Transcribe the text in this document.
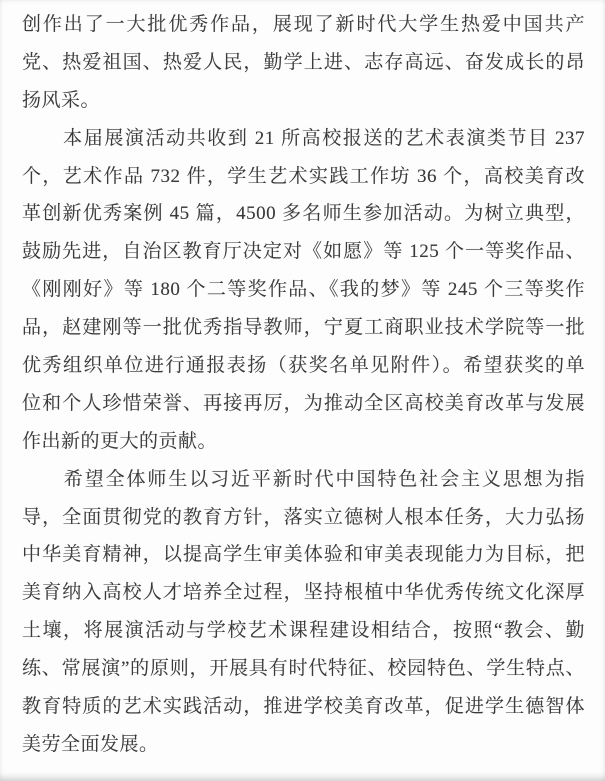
创作出了一大批优秀作品，展现了新时代大学生热爱中国共产
党、热爱祖国、热爱人民，勤学上进、志存高远、奋发成长的昂
扬风采。
　　本届展演活动共收到 21 所高校报送的艺术表演类节目 237
个，艺术作品 732 件，学生艺术实践工作坊 36 个，高校美育改
革创新优秀案例 45 篇，4500 多名师生参加活动。为树立典型，
鼓励先进，自治区教育厅决定对《如愿》等 125 个一等奖作品、
《刚刚好》等 180 个二等奖作品、《我的梦》等 245 个三等奖作
品，赵建刚等一批优秀指导教师，宁夏工商职业技术学院等一批
优秀组织单位进行通报表扬（获奖名单见附件）。希望获奖的单
位和个人珍惜荣誉、再接再厉，为推动全区高校美育改革与发展
作出新的更大的贡献。
　　希望全体师生以习近平新时代中国特色社会主义思想为指
导，全面贯彻党的教育方针，落实立德树人根本任务，大力弘扬
中华美育精神，以提高学生审美体验和审美表现能力为目标，把
美育纳入高校人才培养全过程，坚持根植中华优秀传统文化深厚
土壤，将展演活动与学校艺术课程建设相结合，按照“教会、勤
练、常展演”的原则，开展具有时代特征、校园特色、学生特点、
教育特质的艺术实践活动，推进学校美育改革，促进学生德智体
美劳全面发展。
